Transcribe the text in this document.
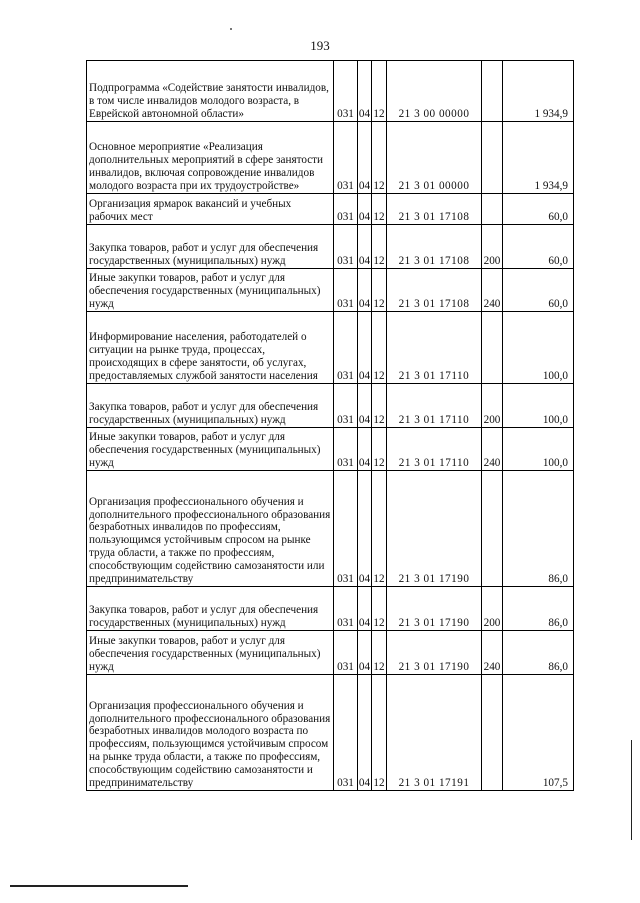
193
Подпрограмма «Содействие занятости инвалидов, в том числе инвалидов молодого возраста, в Еврейской автономной области»	031	04	12	21 3 00 00000		1 934,9
Основное мероприятие «Реализация дополнительных мероприятий в сфере занятости инвалидов, включая сопровождение инвалидов молодого возраста при их трудоустройстве»	031	04	12	21 3 01 00000		1 934,9
Организация ярмарок вакансий и учебных рабочих мест	031	04	12	21 3 01 17108		60,0
Закупка товаров, работ и услуг для обеспечения государственных (муниципальных) нужд	031	04	12	21 3 01 17108	200	60,0
Иные закупки товаров, работ и услуг для обеспечения государственных (муниципальных) нужд	031	04	12	21 3 01 17108	240	60,0
Информирование населения, работодателей о ситуации на рынке труда, процессах, происходящих в сфере занятости, об услугах, предоставляемых службой занятости населения	031	04	12	21 3 01 17110		100,0
Закупка товаров, работ и услуг для обеспечения государственных (муниципальных) нужд	031	04	12	21 3 01 17110	200	100,0
Иные закупки товаров, работ и услуг для обеспечения государственных (муниципальных) нужд	031	04	12	21 3 01 17110	240	100,0
Организация профессионального обучения и дополнительного профессионального образования безработных инвалидов по профессиям, пользующимся устойчивым спросом на рынке труда области, а также по профессиям, способствующим содействию самозанятости или предпринимательству	031	04	12	21 3 01 17190		86,0
Закупка товаров, работ и услуг для обеспечения государственных (муниципальных) нужд	031	04	12	21 3 01 17190	200	86,0
Иные закупки товаров, работ и услуг для обеспечения государственных (муниципальных) нужд	031	04	12	21 3 01 17190	240	86,0
Организация профессионального обучения и дополнительного профессионального образования безработных инвалидов молодого возраста по профессиям, пользующимся устойчивым спросом на рынке труда области, а также по профессиям, способствующим содействию самозанятости и предпринимательству	031	04	12	21 3 01 17191		107,5
